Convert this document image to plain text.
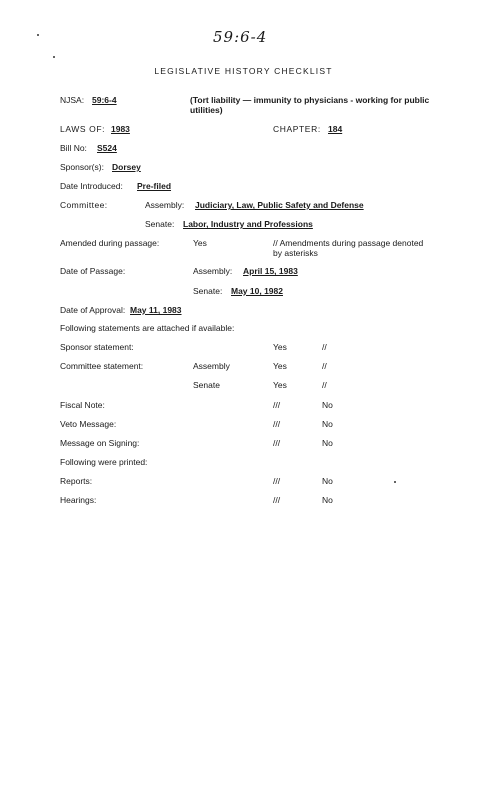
59:6-4
LEGISLATIVE HISTORY CHECKLIST
NJSA: 59:6-4	(Tort liability — immunity to physicians - working for public utilities)
LAWS OF: 1983	CHAPTER: 184
Bill No: S524
Sponsor(s): Dorsey
Date Introduced: Pre-filed
Committee:	Assembly: Judiciary, Law, Public Safety and Defense
Senate: Labor, Industry and Professions
Amended during passage:	Yes	// Amendments during passage denoted by asterisks
Date of Passage:	Assembly: April 15, 1983
Senate: May 10, 1982
Date of Approval: May 11, 1983
Following statements are attached if available:
Sponsor statement:	Yes	//
Committee statement:	Assembly	Yes	//
Senate	Yes	//
Fiscal Note:	///	No
Veto Message:	///	No
Message on Signing:	///	No
Following were printed:
Reports:	///	No
Hearings:	///	No
